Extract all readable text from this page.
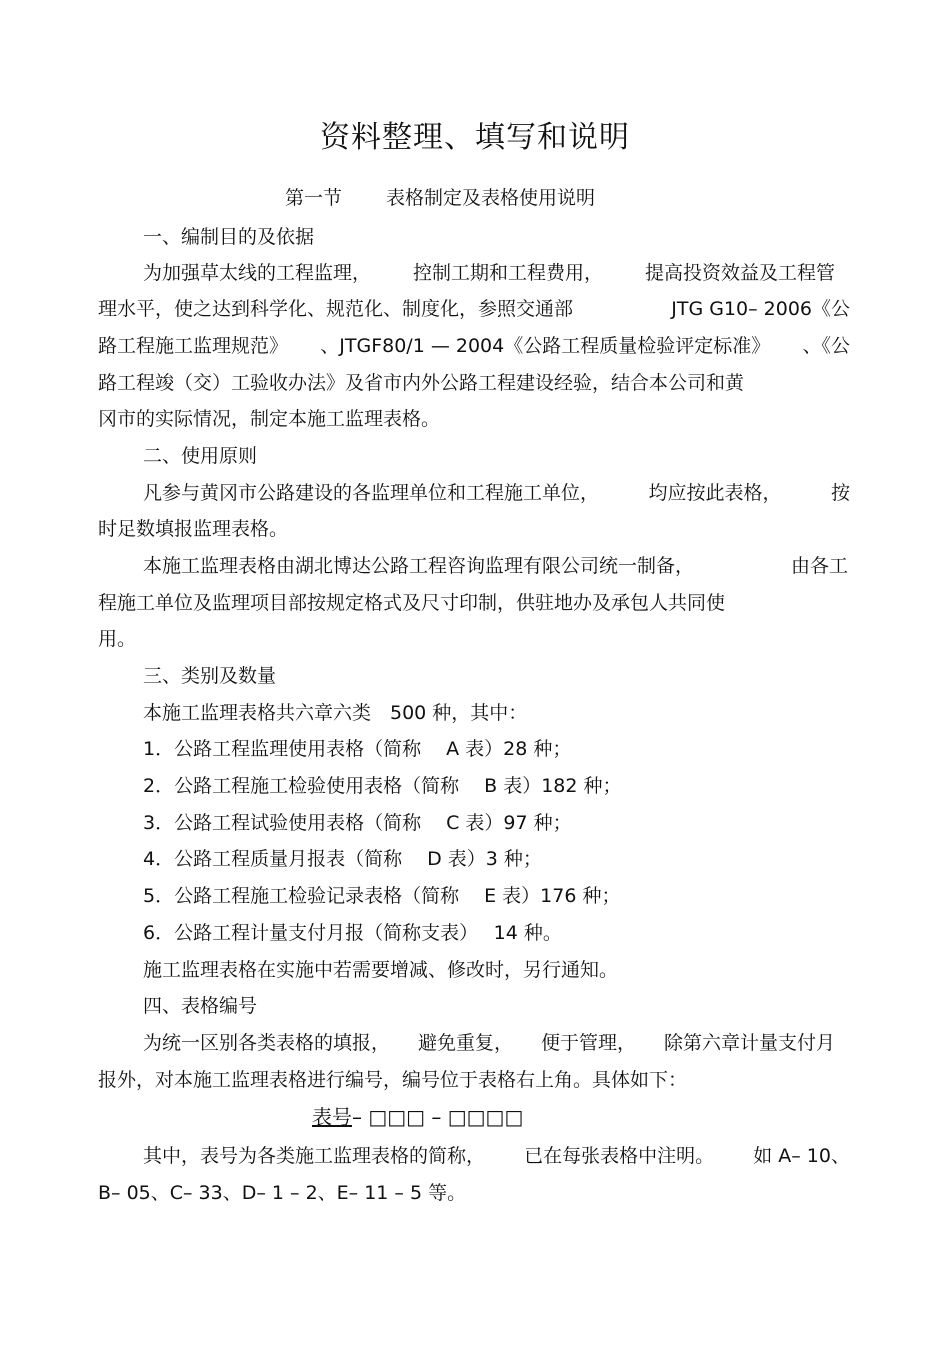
资料整理、填写和说明
第一节 表格制定及表格使用说明
一、编制目的及依据
为加强草太线的工程监理， 控制工期和工程费用， 提高投资效益及工程管
理水平，使之达到科学化、规范化、制度化，参照交通部	JTG G10– 2006《公
路工程施工监理规范》 、JTGF80/1 — 2004《公路工程质量检验评定标准》 、《公
路工程竣（交）工验收办法》及省市内外公路工程建设经验，结合本公司和黄
冈市的实际情况，制定本施工监理表格。
二、使用原则
凡参与黄冈市公路建设的各监理单位和工程施工单位，	均应按此表格，	按
时足数填报监理表格。
本施工监理表格由湖北博达公路工程咨询监理有限公司统一制备，	由各工
程施工单位及监理项目部按规定格式及尺寸印制，供驻地办及承包人共同使
用。
三、类别及数量
本施工监理表格共六章六类　500 种，其中：
1．公路工程监理使用表格（简称　 A 表）28 种；
2．公路工程施工检验使用表格（简称　 B 表）182 种；
3．公路工程试验使用表格（简称　 C 表）97 种；
4．公路工程质量月报表（简称　 D 表）3 种；
5．公路工程施工检验记录表格（简称　 E 表）176 种；
6．公路工程计量支付月报（简称支表）　 14 种。
施工监理表格在实施中若需要增减、修改时，另行通知。
四、表格编号
为统一区别各类表格的填报， 避免重复， 便于管理， 除第六章计量支付月
报外，对本施工监理表格进行编号，编号位于表格右上角。具体如下：
表号– □□□ – □□□□
其中，表号为各类施工监理表格的简称， 已在每张表格中注明。 如 A– 10、
B– 05、C– 33、D– 1 – 2、E– 11 – 5 等。
